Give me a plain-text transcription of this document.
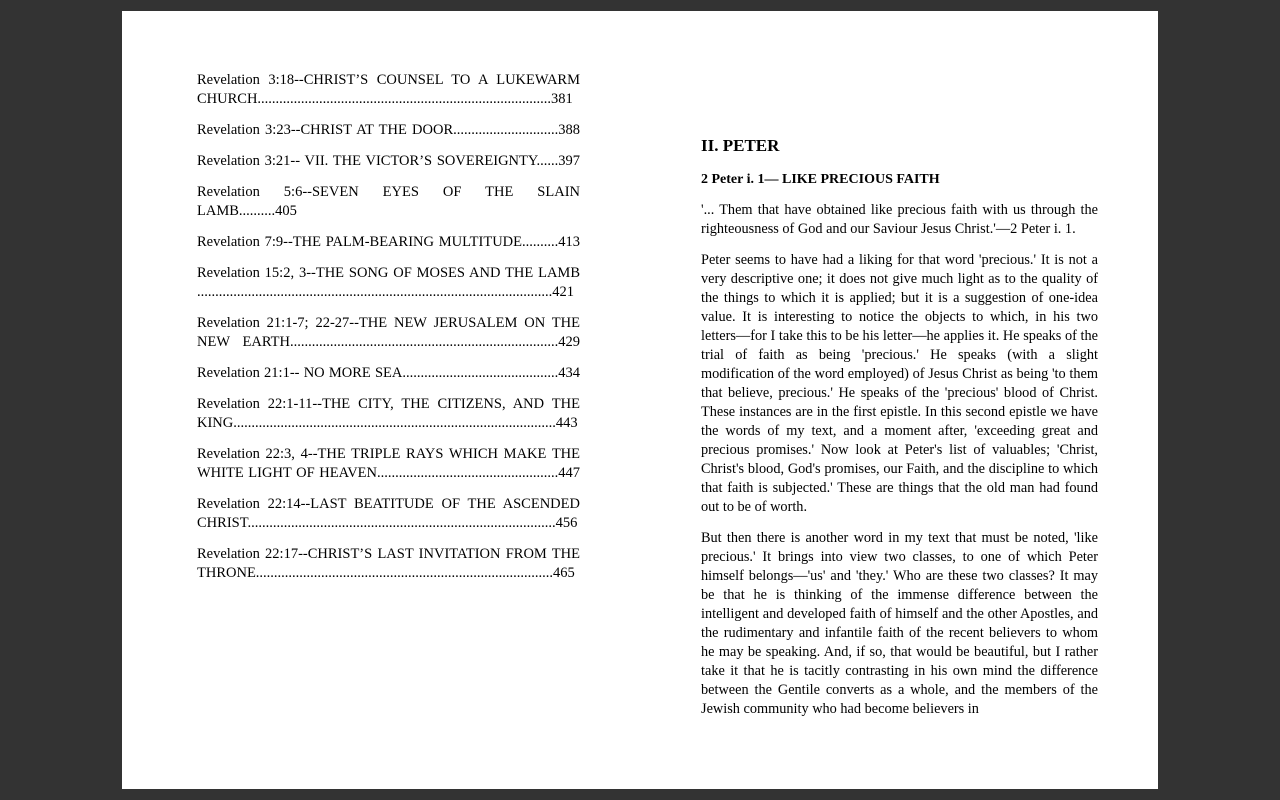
Revelation 3:18--CHRIST’S COUNSEL TO A LUKEWARM CHURCH.................................................................................381

Revelation 3:23--CHRIST AT THE DOOR.............................388

Revelation 3:21-- VII. THE VICTOR’S SOVEREIGNTY......397

Revelation 5:6--SEVEN EYES OF THE SLAIN LAMB..........405

Revelation 7:9--THE PALM-BEARING MULTITUDE..........413

Revelation 15:2, 3--THE SONG OF MOSES AND THE LAMB ..................................................................................................421

Revelation 21:1-7; 22-27--THE NEW JERUSALEM ON THE NEW EARTH..........................................................................429

Revelation 21:1-- NO MORE SEA...........................................434

Revelation 22:1-11--THE CITY, THE CITIZENS, AND THE KING.........................................................................................443

Revelation 22:3, 4--THE TRIPLE RAYS WHICH MAKE THE WHITE LIGHT OF HEAVEN..................................................447

Revelation 22:14--LAST BEATITUDE OF THE ASCENDED CHRIST.....................................................................................456

Revelation 22:17--CHRIST’S LAST INVITATION FROM THE THRONE..................................................................................465

II. PETER
2 Peter i. 1— LIKE PRECIOUS FAITH

'... Them that have obtained like precious faith with us through the righteousness of God and our Saviour Jesus Christ.'—2 Peter i. 1.

Peter seems to have had a liking for that word 'precious.' It is not a very descriptive one; it does not give much light as to the quality of the things to which it is applied; but it is a suggestion of one-idea value. It is interesting to notice the objects to which, in his two letters—for I take this to be his letter—he applies it. He speaks of the trial of faith as being 'precious.' He speaks (with a slight modification of the word employed) of Jesus Christ as being 'to them that believe, precious.' He speaks of the 'precious' blood of Christ. These instances are in the first epistle. In this second epistle we have the words of my text, and a moment after, 'exceeding great and precious promises.' Now look at Peter's list of valuables; 'Christ, Christ's blood, God's promises, our Faith, and the discipline to which that faith is subjected.' These are things that the old man had found out to be of worth.

But then there is another word in my text that must be noted, 'like precious.' It brings into view two classes, to one of which Peter himself belongs—'us' and 'they.' Who are these two classes? It may be that he is thinking of the immense difference between the intelligent and developed faith of himself and the other Apostles, and the rudimentary and infantile faith of the recent believers to whom he may be speaking. And, if so, that would be beautiful, but I rather take it that he is tacitly contrasting in his own mind the difference between the Gentile converts as a whole, and the members of the Jewish community who had become believers in
